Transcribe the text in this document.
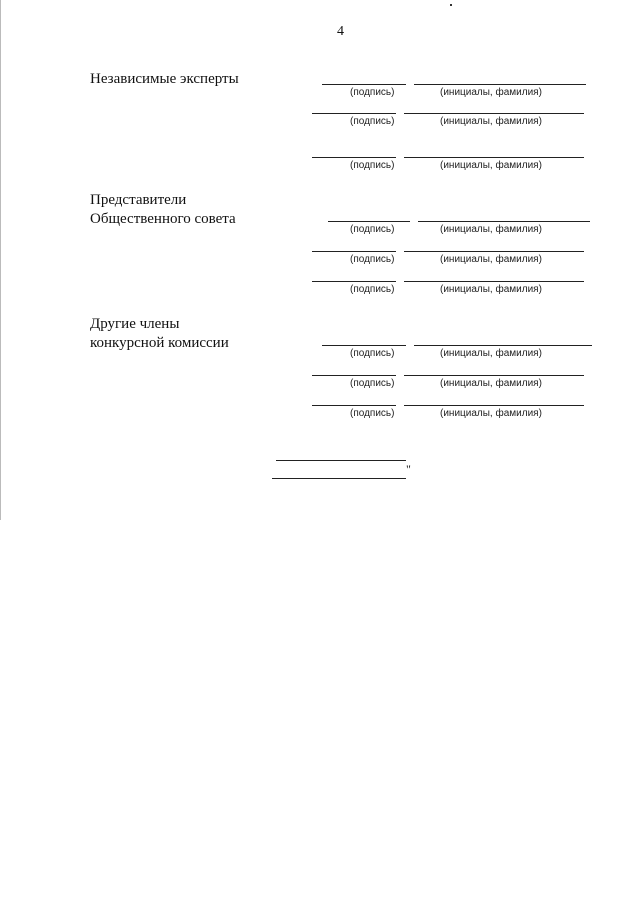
4
Независимые эксперты
(подпись)	(инициалы, фамилия)
(подпись)	(инициалы, фамилия)
(подпись)	(инициалы, фамилия)
Представители
Общественного совета
(подпись)	(инициалы, фамилия)
(подпись)	(инициалы, фамилия)
(подпись)	(инициалы, фамилия)
Другие члены
конкурсной комиссии
(подпись)	(инициалы, фамилия)
(подпись)	(инициалы, фамилия)
(подпись)	(инициалы, фамилия)
"
